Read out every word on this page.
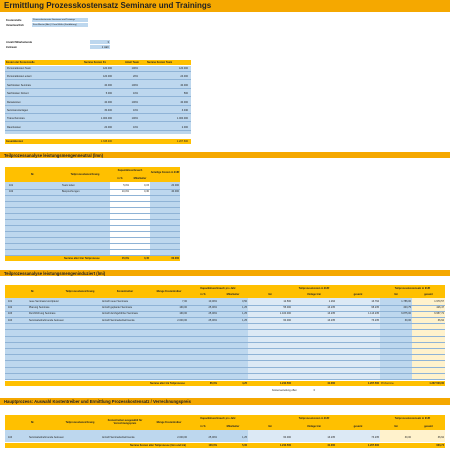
Ermittlung Prozesskostensatz Seminare und Trainings
Kostenstelle	Prozesskostensatz Seminare und Trainings
Verantwortlich	Frau Muster (Abt.) / Frau Müller (Fortbildung)
Anzahl Mitarbeitende	3
Zeitraum	1 Jahr
Kosten der Kostenstelle	Summe Kosten Kt.	Anteil Team	Summe Kosten Team
Personalkosten Team	120.000	100%	120.000
Personalkosten extern	120.000	20%	24.000
Sachkosten Seminare	40.000	100%	40.000
Sachkosten Dozent	5.000	10%	500
Reisekosten	40.000	100%	40.000
Seminarunterlagen	30.400	10%	3.040
Trainerhonorare	1.000.000	100%	1.000.000
Raumkosten	20.000	10%	2.000
Gesamtkosten	1.345.400	1.207.600
Teilprozessanalyse leistungsmengenneutral (lmn)
Nr.	Teilprozessbezeichnung
Kapazitätsverbrauch
in %	Mitarbeiter
Anteilige Kosten in EUR
101	Team leiten	5,0%	0,15	20.000
102	Besprechungen	10,0%	0,30	40.000
Summe aller lmn Teilprozesse	15,0%	0,45	60.000
Teilprozessanalyse leistungsmengeninduziert (lmi)
Nr.	Teilprozessbezeichnung	Kostentreiber	Menge Kostentreiber
Kapazitätsverbrauch pro Jahr
in %	Mitarbeiter
Teilprozesskosten in EUR
lmi	Umlage lmn	gesamt
Teilprozesskostensatz in EUR
lmi	gesamt
101	neue Seminare konzipieren	Anzahl neuer Seminare	7,00	10,00%	0,50	12.500	1.294	13.794	1.786,00	1.970,57
102	Planung Seminare	Anzahl geplanter Seminare	160,00	25,00%	1,25	55.000	13.235	68.235	343,75	426,47
103	Durchführung Seminare	Anzahl durchgeführter Seminare	160,00	25,00%	1,25	1.100.000	13.235	1.113.235	6.875,00	6.957,72
104	Seminarteilnehmende betreuen	Anzahl Seminarteilnehmende	2.000,00	25,00%	1,25	60.000	13.235	73.235	30,00	36,62
Summe aller lmi Teilprozesse	85,0%	4,25	1.242.500	41.000	1.267.500 Prüfsumme	1.267.500,00
Kostenverteilung offen	0
Hauptprozess: Auswahl Kostentreiber und Ermittlung Prozesskostensatz / Verrechnungspreis
Nr.	Teilprozessbezeichnung
Kostentreiber ausgewählt für Verrechnungspreis	Menge Kostentreiber
Kapazitätsverbrauch pro Jahr
in %	Mitarbeiter
Teilprozesskosten in EUR
lmi	Umlage lmn	gesamt
Teilprozesskostensatz in EUR
lmi	gesamt
104	Seminarteilnehmende betreuen	Anzahl Seminarteilnehmende	2.000,00	25,00%	1,25	60.000	13.235	73.235	30,00	36,62
Summe Kosten aller Teilprozesse (lmn und lmi)	100,0%	5,00	1.242.500	41.000	1.267.600	633,74
